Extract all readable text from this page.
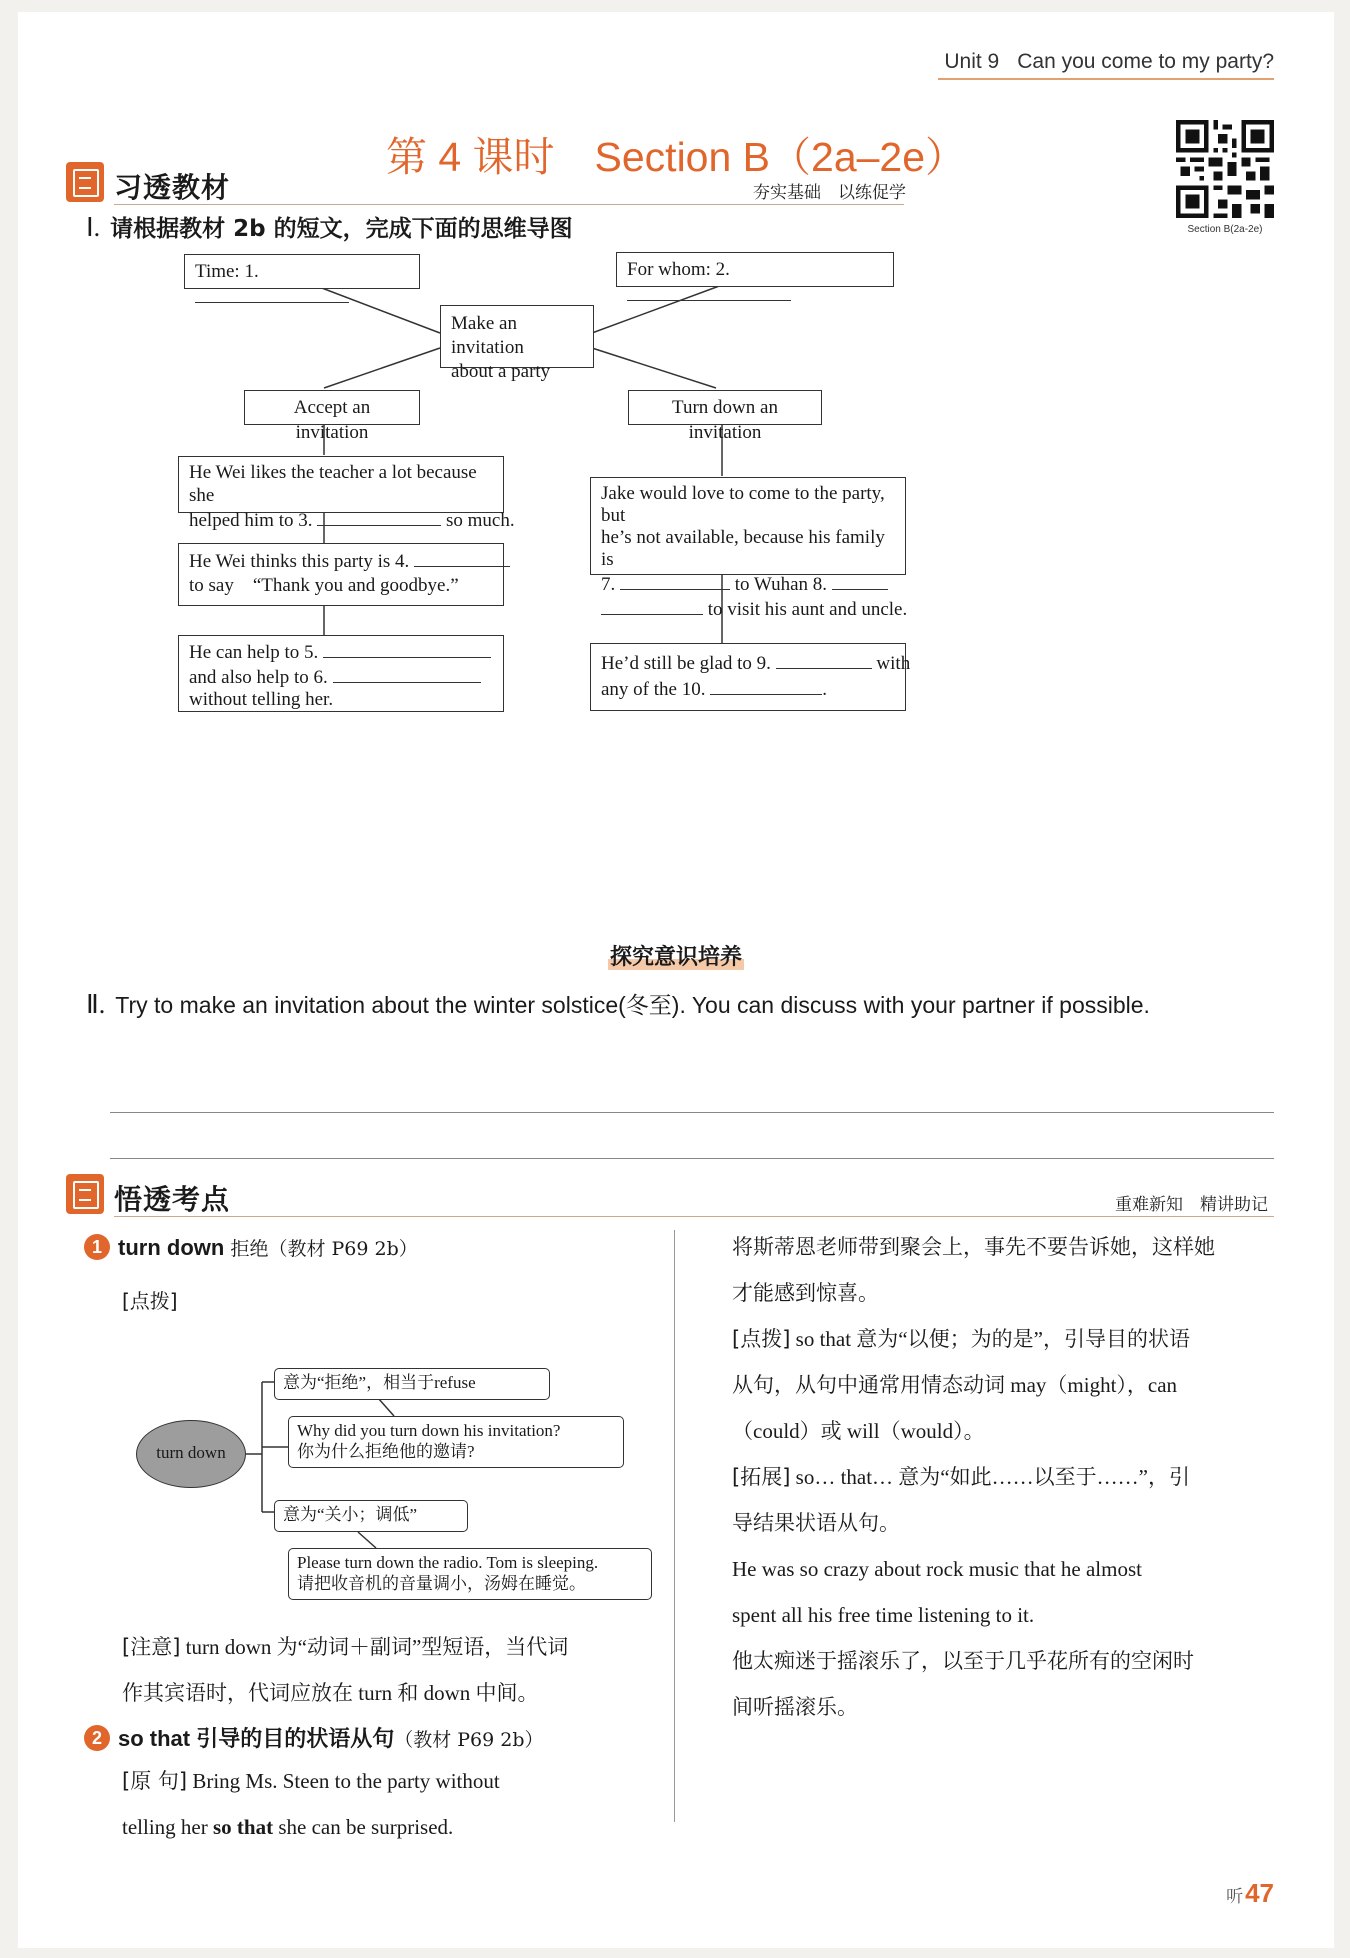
Unit 9 Can you come to my party?
第 4 课时 Section B（2a–2e）
Section B(2a-2e)
习透教材	夯实基础　以练促学
Ⅰ. 请根据教材 2b 的短文，完成下面的思维导图
Time: 1.	For whom: 2.
Make an invitation
about a party
Accept an invitation
Turn down an invitation
He Wei likes the teacher a lot because she
helped him to 3.	so much.
He Wei thinks this party is 4.
to say　“Thank you and goodbye.”
He can help to 5.
and also help to 6.
without telling her.
Jake would love to come to the party, but
he’s not available, because his family is
7.	to Wuhan 8.
to visit his aunt and uncle.
He’d still be glad to 9.	with
any of the 10.	.
探究意识培养
Ⅱ. Try to make an invitation about the winter solstice(冬至). You can discuss with your partner if possible.
悟透考点	重难新知　精讲助记
1 turn down 拒绝（教材 P69 2b）
[点拨]
turn down
意为“拒绝”，相当于refuse
Why did you turn down his invitation?
你为什么拒绝他的邀请?
意为“关小；调低”
Please turn down the radio. Tom is sleeping.
请把收音机的音量调小，汤姆在睡觉。
[注意] turn down 为“动词＋副词”型短语，当代词
作其宾语时，代词应放在 turn 和 down 中间。
2 so that 引导的目的状语从句（教材 P69 2b）
[原 句] Bring Ms. Steen to the party without
telling her so that she can be surprised.
将斯蒂恩老师带到聚会上，事先不要告诉她，这样她
才能感到惊喜。
[点拨] so that 意为“以便；为的是”，引导目的状语
从句，从句中通常用情态动词 may（might），can
（could）或 will（would）。
[拓展] so… that… 意为“如此……以至于……”，引
导结果状语从句。
He was so crazy about rock music that he almost
spent all his free time listening to it.
他太痴迷于摇滚乐了，以至于几乎花所有的空闲时
间听摇滚乐。
听47
